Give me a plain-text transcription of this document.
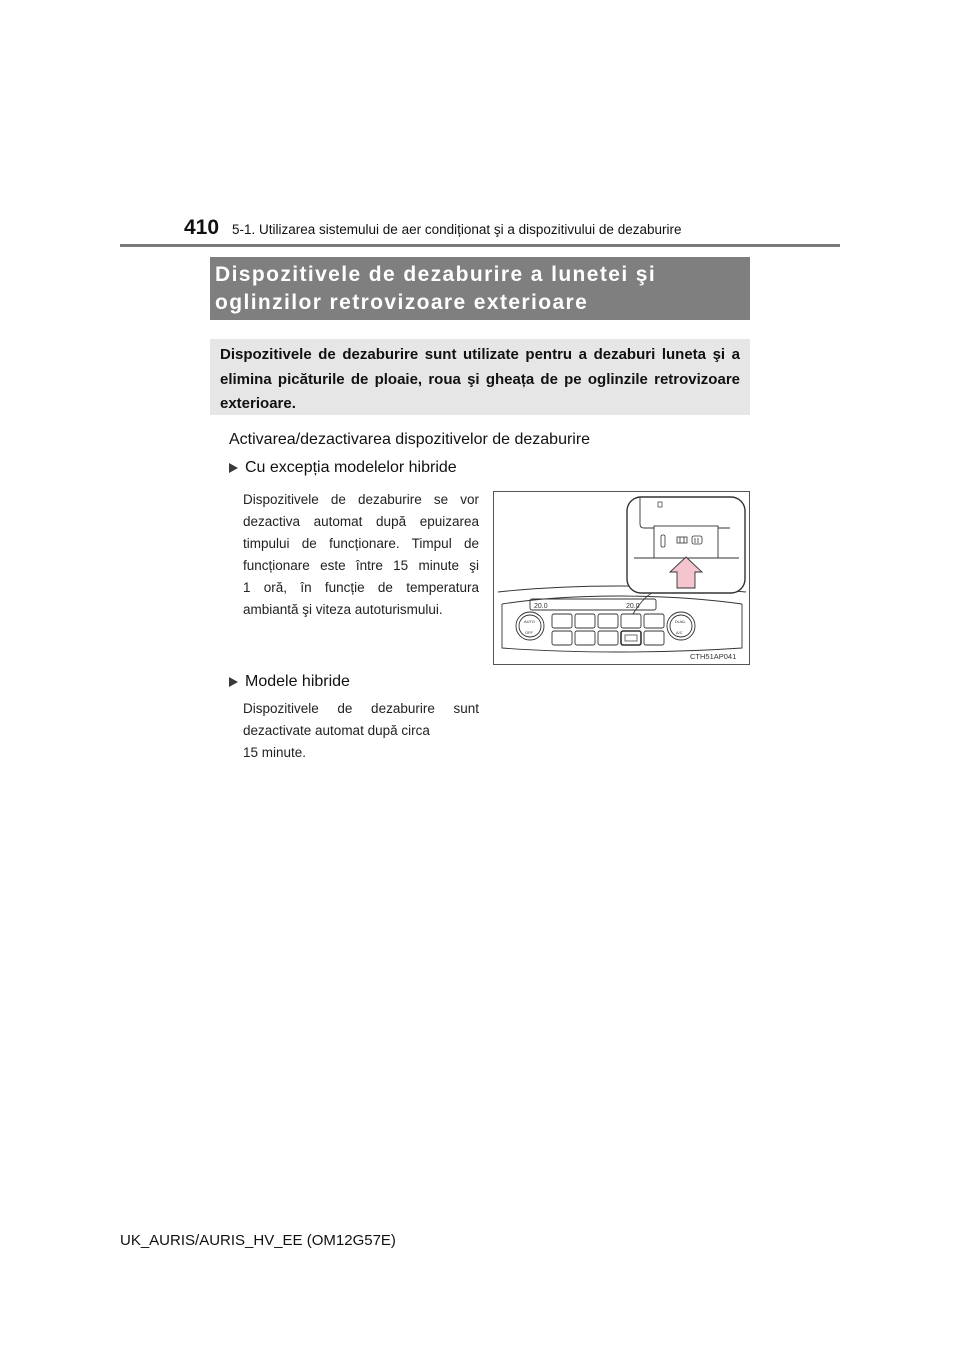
410 5-1. Utilizarea sistemului de aer condiționat şi a dispozitivului de dezaburire
Dispozitivele de dezaburire a lunetei şi
oglinzilor retrovizoare exterioare
Dispozitivele de dezaburire sunt utilizate pentru a dezaburi luneta şi a elimina picăturile de ploaie, roua şi gheața de pe oglinzile retrovizoare exterioare.
Activarea/dezactivarea dispozitivelor de dezaburire
Cu excepția modelelor hibride
Dispozitivele de dezaburire se vor
dezactiva automat după epuizarea
timpului de funcționare. Timpul de
funcționare este între 15 minute şi
1 oră, în funcție de temperatura
ambiantă şi viteza autoturismului.	20.0	20.0
AUTO
OFF
DUAL
A/C
CTH51AP041
Modele hibride
Dispozitivele de dezaburire sunt
dezactivate automat după circa
15 minute.
UK_AURIS/AURIS_HV_EE (OM12G57E)
